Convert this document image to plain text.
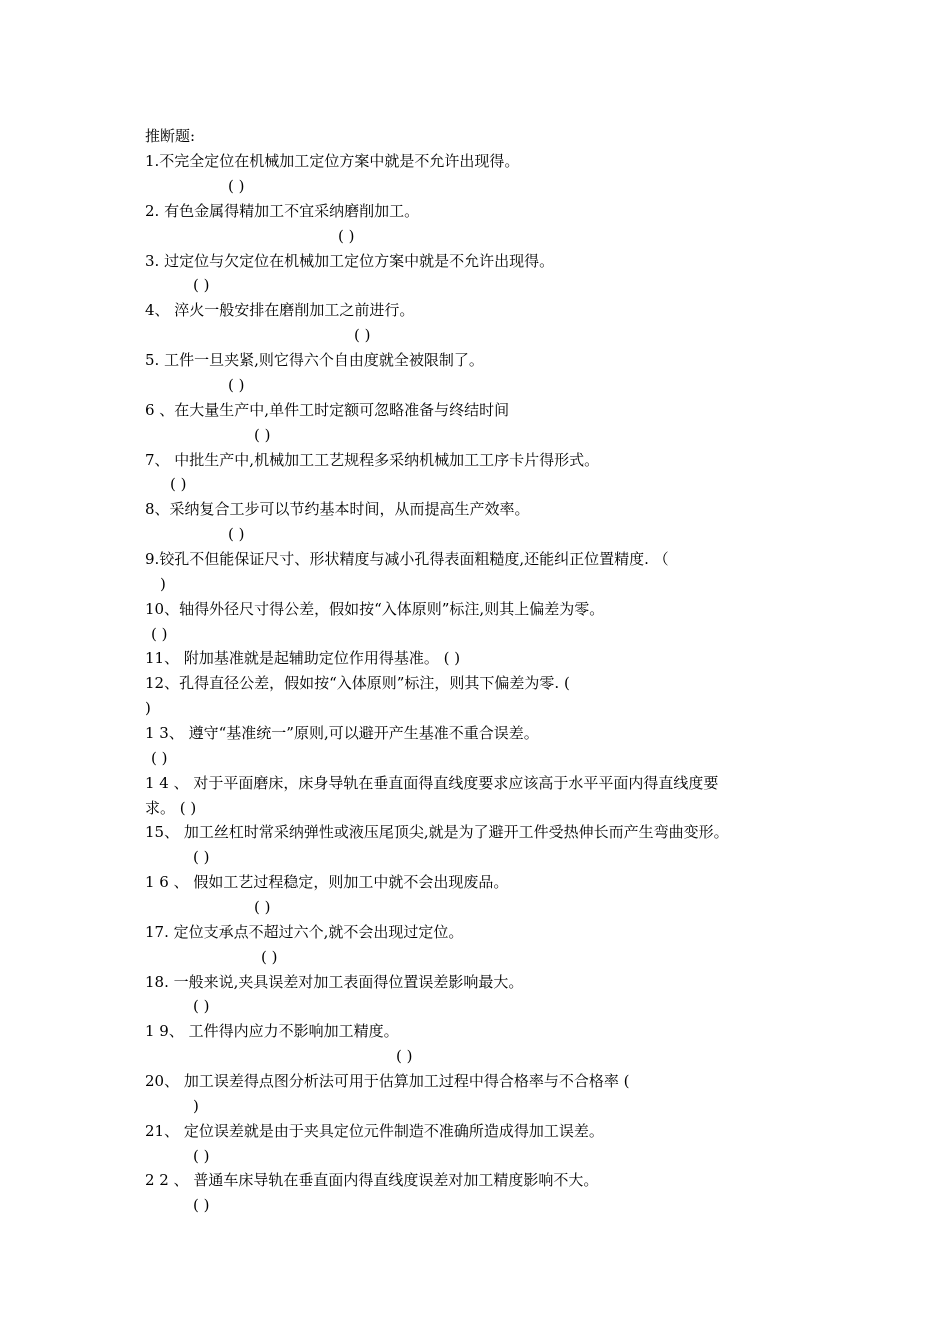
推断题:
1.不完全定位在机械加工定位方案中就是不允许出现得。
( )
2. 有色金属得精加工不宜采纳磨削加工。
( )
3. 过定位与欠定位在机械加工定位方案中就是不允许出现得。
( )
4、 淬火一般安排在磨削加工之前进行。
( )
5. 工件一旦夹紧,则它得六个自由度就全被限制了。
( )
6 、在大量生产中,单件工时定额可忽略准备与终结时间
( )
7、 中批生产中,机械加工工艺规程多采纳机械加工工序卡片得形式。
( )
8、采纳复合工步可以节约基本时间，从而提高生产效率。
( )
9.铰孔不但能保证尺寸、形状精度与减小孔得表面粗糙度,还能纠正位置精度. （
)
10、轴得外径尺寸得公差，假如按“入体原则”标注,则其上偏差为零。
( )
11、 附加基准就是起辅助定位作用得基准。 ( )
12、孔得直径公差，假如按“入体原则”标注，则其下偏差为零. (
)
1 3、 遵守“基准统一”原则,可以避开产生基准不重合误差。
( )
1 4 、 对于平面磨床，床身导轨在垂直面得直线度要求应该高于水平平面内得直线度要
求。 ( )
15、 加工丝杠时常采纳弹性或液压尾顶尖,就是为了避开工件受热伸长而产生弯曲变形。
( )
1 6 、 假如工艺过程稳定，则加工中就不会出现废品。
( )
17. 定位支承点不超过六个,就不会出现过定位。
( )
18. 一般来说,夹具误差对加工表面得位置误差影响最大。
( )
1 9、 工件得内应力不影响加工精度。
( )
20、 加工误差得点图分析法可用于估算加工过程中得合格率与不合格率 (
)
21、 定位误差就是由于夹具定位元件制造不准确所造成得加工误差。
( )
2 2 、 普通车床导轨在垂直面内得直线度误差对加工精度影响不大。
( )
